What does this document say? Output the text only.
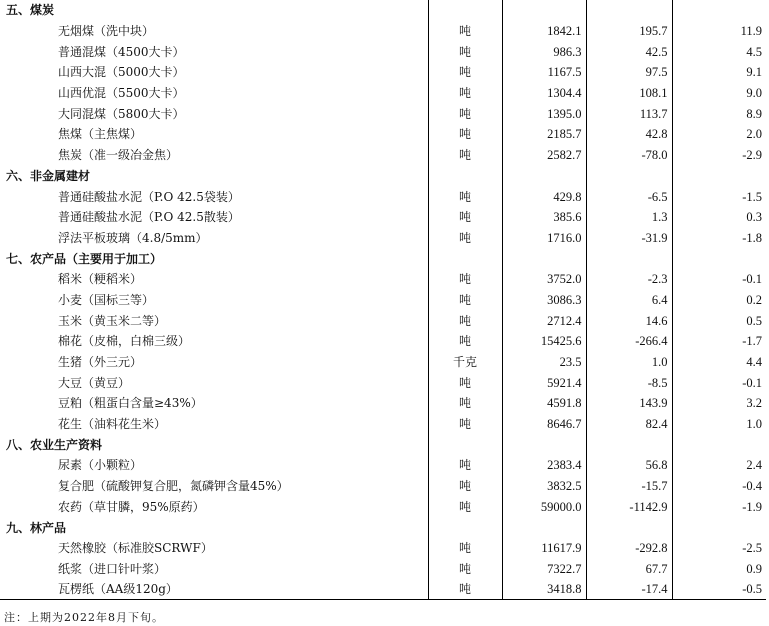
五、煤炭				
无烟煤（洗中块）	吨	1842.1	195.7	11.9
普通混煤（4500大卡）	吨	986.3	42.5	4.5
山西大混（5000大卡）	吨	1167.5	97.5	9.1
山西优混（5500大卡）	吨	1304.4	108.1	9.0
大同混煤（5800大卡）	吨	1395.0	113.7	8.9
焦煤（主焦煤）	吨	2185.7	42.8	2.0
焦炭（准一级冶金焦）	吨	2582.7	-78.0	-2.9
六、非金属建材				
普通硅酸盐水泥（P.O 42.5袋装）	吨	429.8	-6.5	-1.5
普通硅酸盐水泥（P.O 42.5散装）	吨	385.6	1.3	0.3
浮法平板玻璃（4.8/5mm）	吨	1716.0	-31.9	-1.8
七、农产品（主要用于加工）				
稻米（粳稻米）	吨	3752.0	-2.3	-0.1
小麦（国标三等）	吨	3086.3	6.4	0.2
玉米（黄玉米二等）	吨	2712.4	14.6	0.5
棉花（皮棉，白棉三级）	吨	15425.6	-266.4	-1.7
生猪（外三元）	千克	23.5	1.0	4.4
大豆（黄豆）	吨	5921.4	-8.5	-0.1
豆粕（粗蛋白含量≥43%）	吨	4591.8	143.9	3.2
花生（油料花生米）	吨	8646.7	82.4	1.0
八、农业生产资料				
尿素（小颗粒）	吨	2383.4	56.8	2.4
复合肥（硫酸钾复合肥，氮磷钾含量45%）	吨	3832.5	-15.7	-0.4
农药（草甘膦，95%原药）	吨	59000.0	-1142.9	-1.9
九、林产品				
天然橡胶（标准胶SCRWF）	吨	11617.9	-292.8	-2.5
纸浆（进口针叶浆）	吨	7322.7	67.7	0.9
瓦楞纸（AA级120g）	吨	3418.8	-17.4	-0.5
注：上期为2022年8月下旬。
